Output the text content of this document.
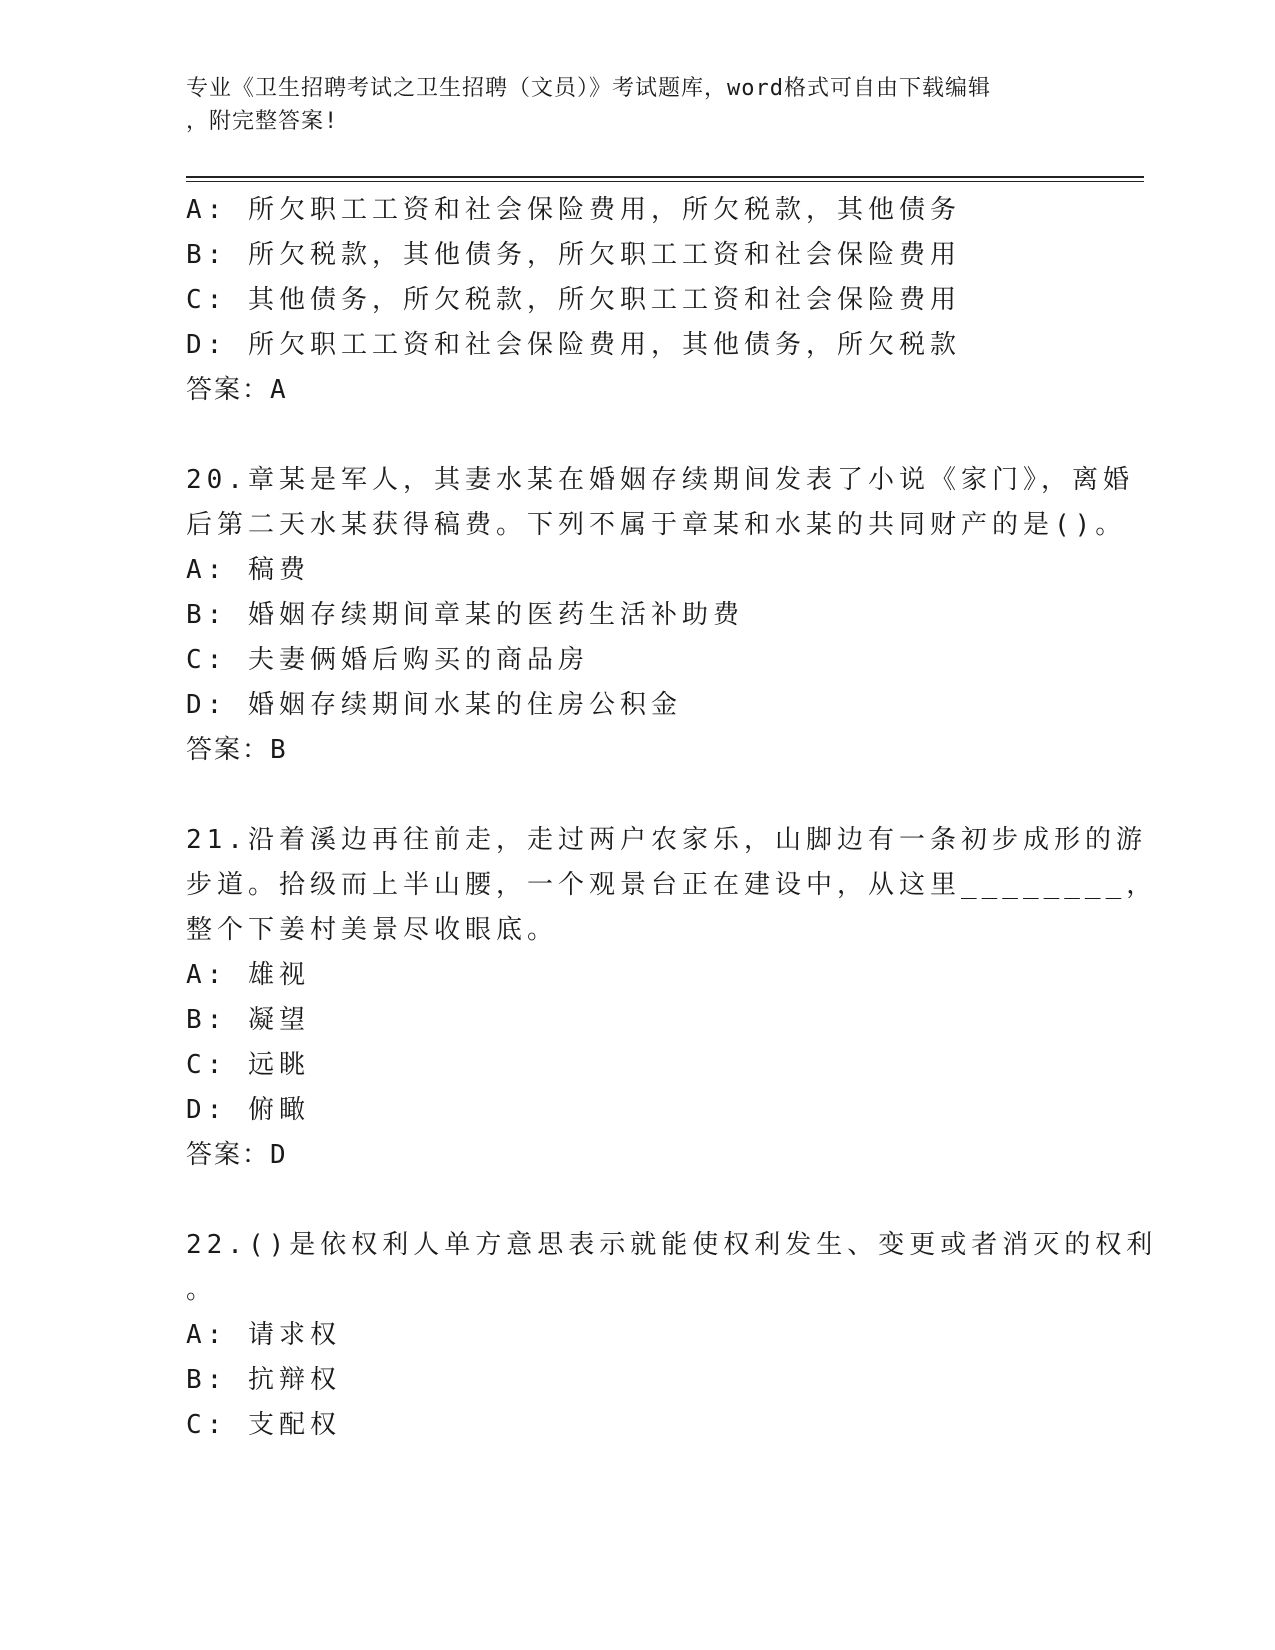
专业《卫生招聘考试之卫生招聘（文员）》考试题库，word格式可自由下载编辑
，附完整答案!
A: 所欠职工工资和社会保险费用，所欠税款，其他债务
B: 所欠税款，其他债务，所欠职工工资和社会保险费用
C: 其他债务，所欠税款，所欠职工工资和社会保险费用
D: 所欠职工工资和社会保险费用，其他债务，所欠税款
答案：A
20.章某是军人，其妻水某在婚姻存续期间发表了小说《家门》，离婚
后第二天水某获得稿费。下列不属于章某和水某的共同财产的是()。
A: 稿费
B: 婚姻存续期间章某的医药生活补助费
C: 夫妻俩婚后购买的商品房
D: 婚姻存续期间水某的住房公积金
答案：B
21.沿着溪边再往前走，走过两户农家乐，山脚边有一条初步成形的游
步道。拾级而上半山腰，一个观景台正在建设中，从这里________，
整个下姜村美景尽收眼底。
A: 雄视
B: 凝望
C: 远眺
D: 俯瞰
答案：D
22.()是依权利人单方意思表示就能使权利发生、变更或者消灭的权利
。
A: 请求权
B: 抗辩权
C: 支配权
